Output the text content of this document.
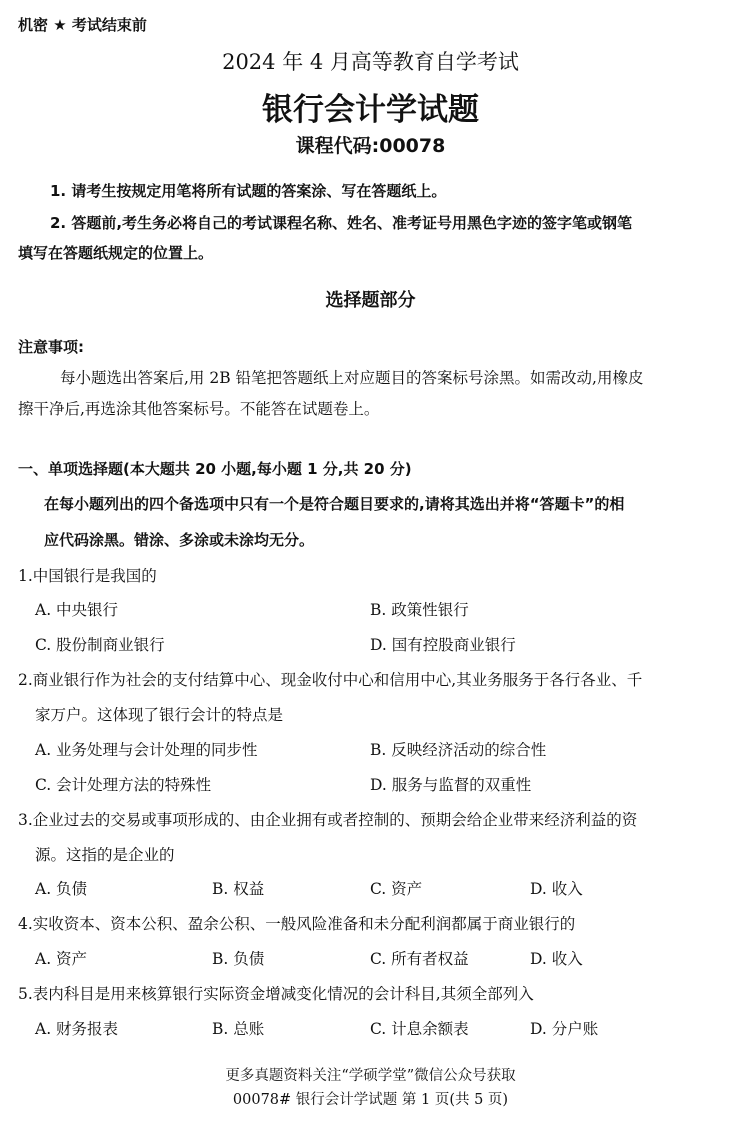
机密 ★ 考试结束前
2024 年 4 月高等教育自学考试
银行会计学试题
课程代码:00078
1. 请考生按规定用笔将所有试题的答案涂、写在答题纸上。
2. 答题前,考生务必将自己的考试课程名称、姓名、准考证号用黑色字迹的签字笔或钢笔
填写在答题纸规定的位置上。
选择题部分
注意事项:
每小题选出答案后,用 2B 铅笔把答题纸上对应题目的答案标号涂黑。如需改动,用橡皮
擦干净后,再选涂其他答案标号。不能答在试题卷上。
一、单项选择题(本大题共 20 小题,每小题 1 分,共 20 分)
在每小题列出的四个备选项中只有一个是符合题目要求的,请将其选出并将“答题卡”的相
应代码涂黑。错涂、多涂或未涂均无分。
1.中国银行是我国的
A. 中央银行	B. 政策性银行
C. 股份制商业银行	D. 国有控股商业银行
2.商业银行作为社会的支付结算中心、现金收付中心和信用中心,其业务服务于各行各业、千
家万户。这体现了银行会计的特点是
A. 业务处理与会计处理的同步性	B. 反映经济活动的综合性
C. 会计处理方法的特殊性	D. 服务与监督的双重性
3.企业过去的交易或事项形成的、由企业拥有或者控制的、预期会给企业带来经济利益的资
源。这指的是企业的
A. 负债	B. 权益	C. 资产	D. 收入
4.实收资本、资本公积、盈余公积、一般风险准备和未分配利润都属于商业银行的
A. 资产	B. 负债	C. 所有者权益	D. 收入
5.表内科目是用来核算银行实际资金增减变化情况的会计科目,其须全部列入
A. 财务报表	B. 总账	C. 计息余额表	D. 分户账
更多真题资料关注“学硕学堂”微信公众号获取
00078# 银行会计学试题 第 1 页(共 5 页)
